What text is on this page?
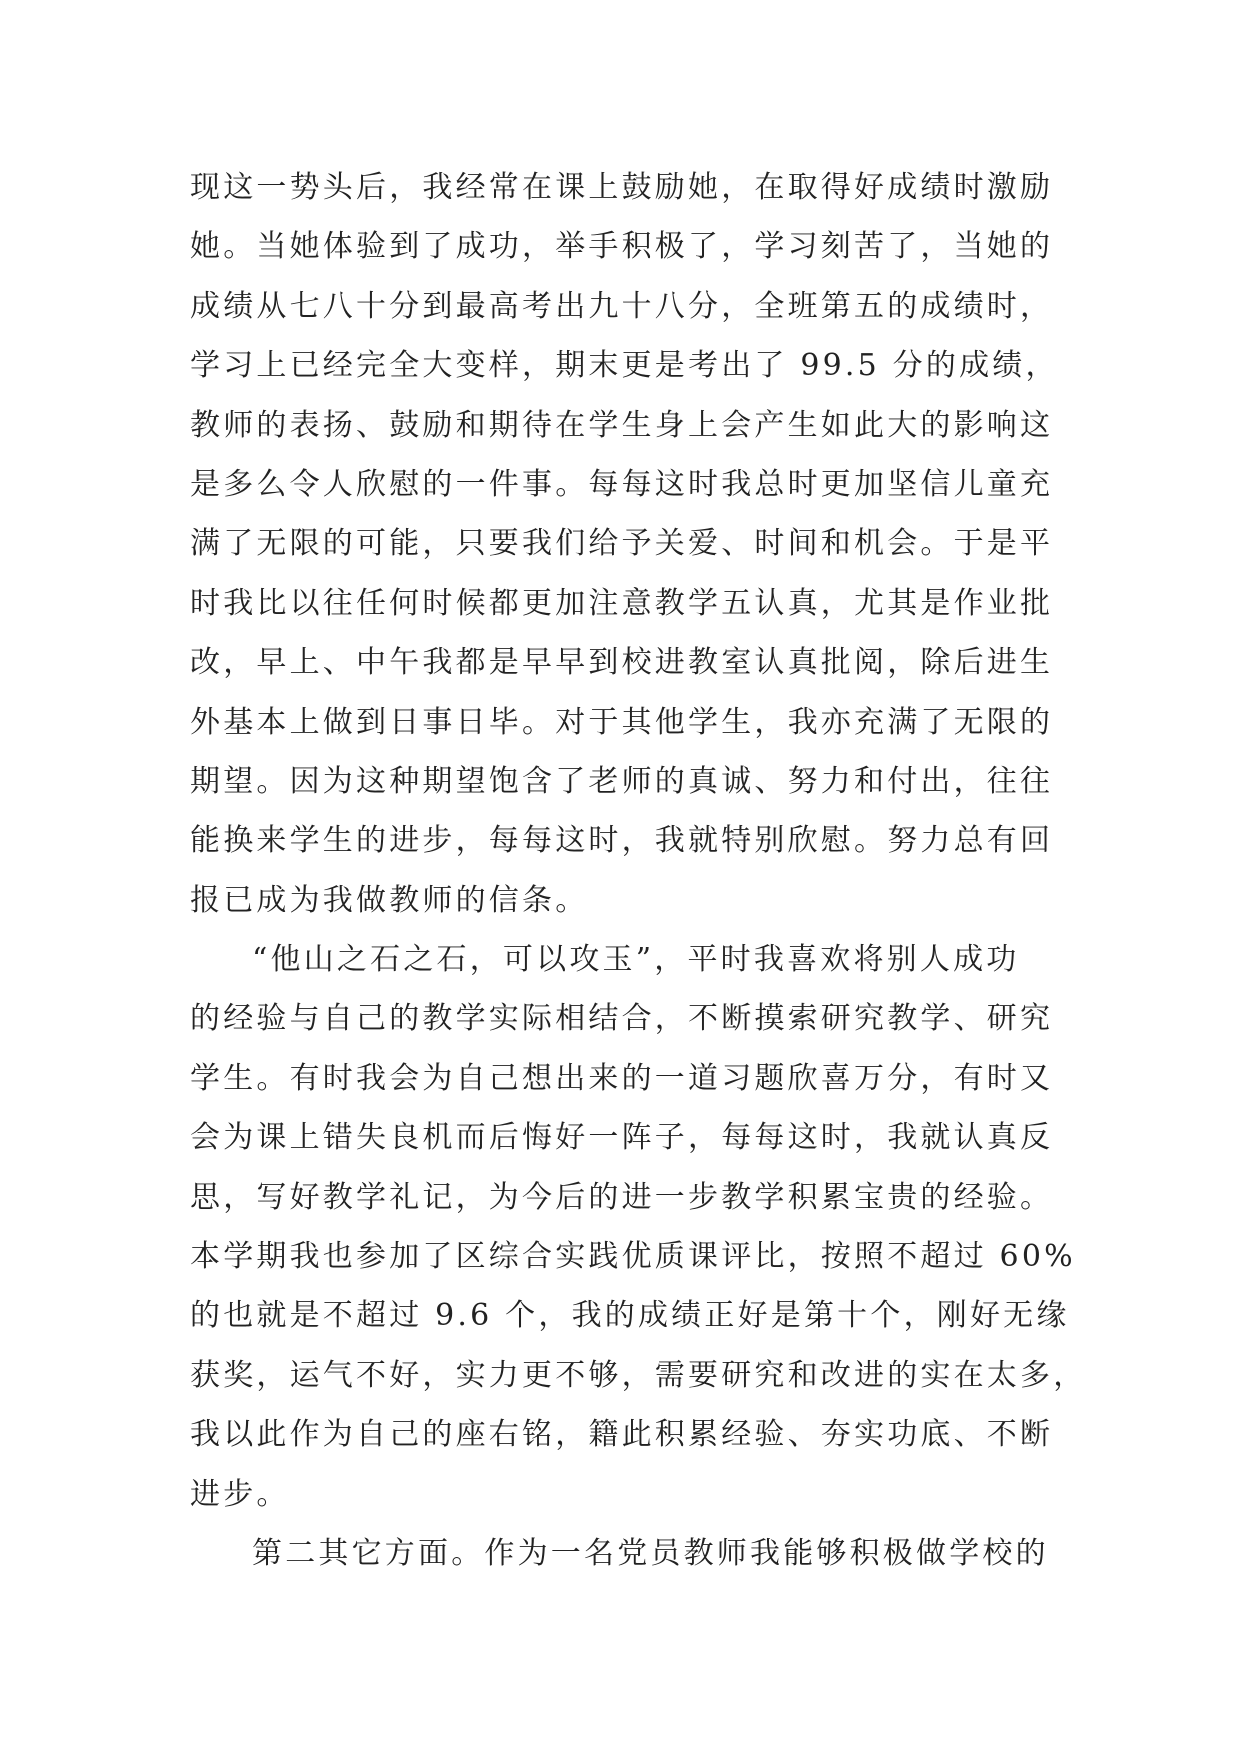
现这一势头后，我经常在课上鼓励她，在取得好成绩时激励
她。当她体验到了成功，举手积极了，学习刻苦了，当她的
成绩从七八十分到最高考出九十八分，全班第五的成绩时，
学习上已经完全大变样，期末更是考出了 99.5 分的成绩，
教师的表扬、鼓励和期待在学生身上会产生如此大的影响这
是多么令人欣慰的一件事。每每这时我总时更加坚信儿童充
满了无限的可能，只要我们给予关爱、时间和机会。于是平
时我比以往任何时候都更加注意教学五认真，尤其是作业批
改，早上、中午我都是早早到校进教室认真批阅，除后进生
外基本上做到日事日毕。对于其他学生，我亦充满了无限的
期望。因为这种期望饱含了老师的真诚、努力和付出，往往
能换来学生的进步，每每这时，我就特别欣慰。努力总有回
报已成为我做教师的信条。
“他山之石之石，可以攻玉”，平时我喜欢将别人成功
的经验与自己的教学实际相结合，不断摸索研究教学、研究
学生。有时我会为自己想出来的一道习题欣喜万分，有时又
会为课上错失良机而后悔好一阵子，每每这时，我就认真反
思，写好教学礼记，为今后的进一步教学积累宝贵的经验。
本学期我也参加了区综合实践优质课评比，按照不超过 60%
的也就是不超过 9.6 个，我的成绩正好是第十个，刚好无缘
获奖，运气不好，实力更不够，需要研究和改进的实在太多，
我以此作为自己的座右铭，籍此积累经验、夯实功底、不断
进步。
第二其它方面。作为一名党员教师我能够积极做学校的
